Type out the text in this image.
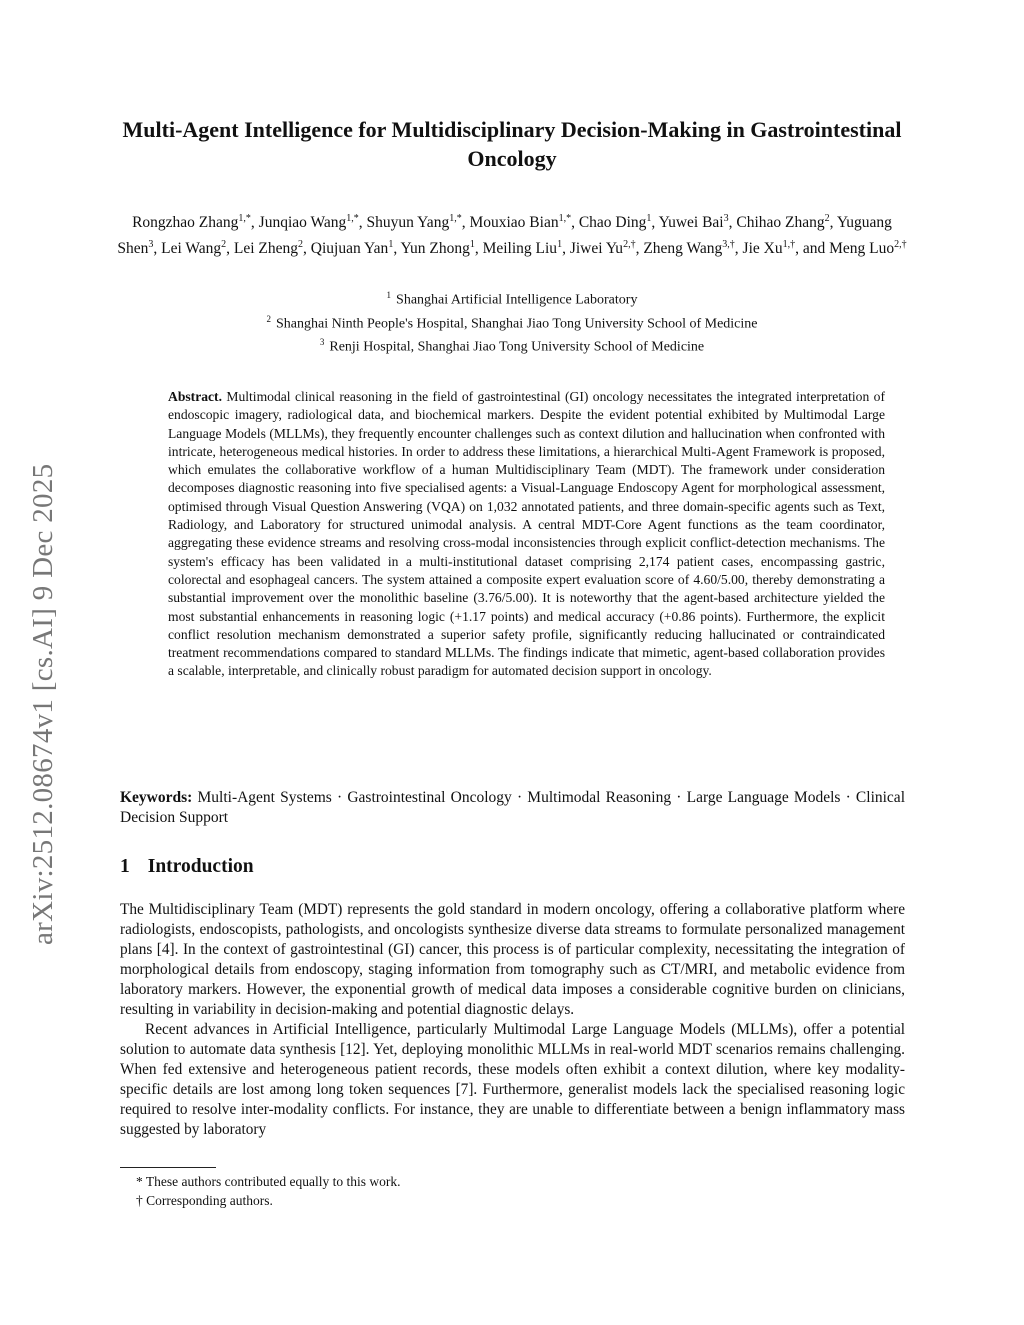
arXiv:2512.08674v1 [cs.AI] 9 Dec 2025
Multi-Agent Intelligence for Multidisciplinary Decision-Making in Gastrointestinal Oncology
Rongzhao Zhang$^{1,*}$, Junqiao Wang$^{1,*}$, Shuyun Yang$^{1,*}$, Mouxiao Bian$^{1,*}$, Chao Ding$^1$, Yuwei Bai$^3$, Chihao Zhang$^2$, Yuguang Shen$^3$, Lei Wang$^2$, Lei Zheng$^2$, Qiujuan Yan$^1$, Yun Zhong$^1$, Meiling Liu$^1$, Jiwei $Yu^{2,\dagger}$, Zheng Wang$^{3,\dagger}$, Jie $Xu^{1,\dagger}$, and Meng Luo$^{2,\dagger}$
$^1$ Shanghai Artificial Intelligence Laboratory
$^2$ Shanghai Ninth People's Hospital, Shanghai Jiao Tong University School of Medicine
$^3$ Renji Hospital, Shanghai Jiao Tong University School of Medicine
Abstract. Multimodal clinical reasoning in the field of gastrointestinal (GI) oncology necessitates the integrated interpretation of endoscopic imagery, radiological data, and biochemical markers. Despite the evident potential exhibited by Multimodal Large Language Models (MLLMs), they frequently encounter challenges such as context dilution and hallucination when confronted with intricate, heterogeneous medical histories. In order to address these limitations, a hierarchical Multi-Agent Framework is proposed, which emulates the collaborative workflow of a human Multidisciplinary Team (MDT). The framework under consideration decomposes diagnostic reasoning into five specialised agents: a Visual-Language Endoscopy Agent for morphological assessment, optimised through Visual Question Answering (VQA) on 1,032 annotated patients, and three domain-specific agents such as Text, Radiology, and Laboratory for structured unimodal analysis. A central MDT-Core Agent functions as the team coordinator, aggregating these evidence streams and resolving cross-modal inconsistencies through explicit conflict-detection mechanisms. The system's efficacy has been validated in a multi-institutional dataset comprising 2,174 patient cases, encompassing gastric, colorectal and esophageal cancers. The system attained a composite expert evaluation score of 4.60/5.00, thereby demonstrating a substantial improvement over the monolithic baseline (3.76/5.00). It is noteworthy that the agent-based architecture yielded the most substantial enhancements in reasoning logic (+1.17 points) and medical accuracy (+0.86 points). Furthermore, the explicit conflict resolution mechanism demonstrated a superior safety profile, significantly reducing hallucinated or contraindicated treatment recommendations compared to standard MLLMs. The findings indicate that mimetic, agent-based collaboration provides a scalable, interpretable, and clinically robust paradigm for automated decision support in oncology.
Keywords: Multi-Agent Systems · Gastrointestinal Oncology · Multimodal Reasoning · Large Language Models · Clinical Decision Support
1 Introduction

The Multidisciplinary Team (MDT) represents the gold standard in modern oncology, offering a collaborative platform where radiologists, endoscopists, pathologists, and oncologists synthesize diverse data streams to formulate personalized management plans [4]. In the context of gastrointestinal (GI) cancer, this process is of particular complexity, necessitating the integration of morphological details from endoscopy, staging information from tomography such as CT/MRI, and metabolic evidence from laboratory markers. However, the exponential growth of medical data imposes a considerable cognitive burden on clinicians, resulting in variability in decision-making and potential diagnostic delays.

Recent advances in Artificial Intelligence, particularly Multimodal Large Language Models (MLLMs), offer a potential solution to automate data synthesis [12]. Yet, deploying monolithic MLLMs in real-world MDT scenarios remains challenging. When fed extensive and heterogeneous patient records, these models often exhibit a context dilution, where key modality-specific details are lost among long token sequences [7]. Furthermore, generalist models lack the specialised reasoning logic required to resolve inter-modality conflicts. For instance, they are unable to differentiate between a benign inflammatory mass suggested by laboratory

* These authors contributed equally to this work.
† Corresponding authors.
